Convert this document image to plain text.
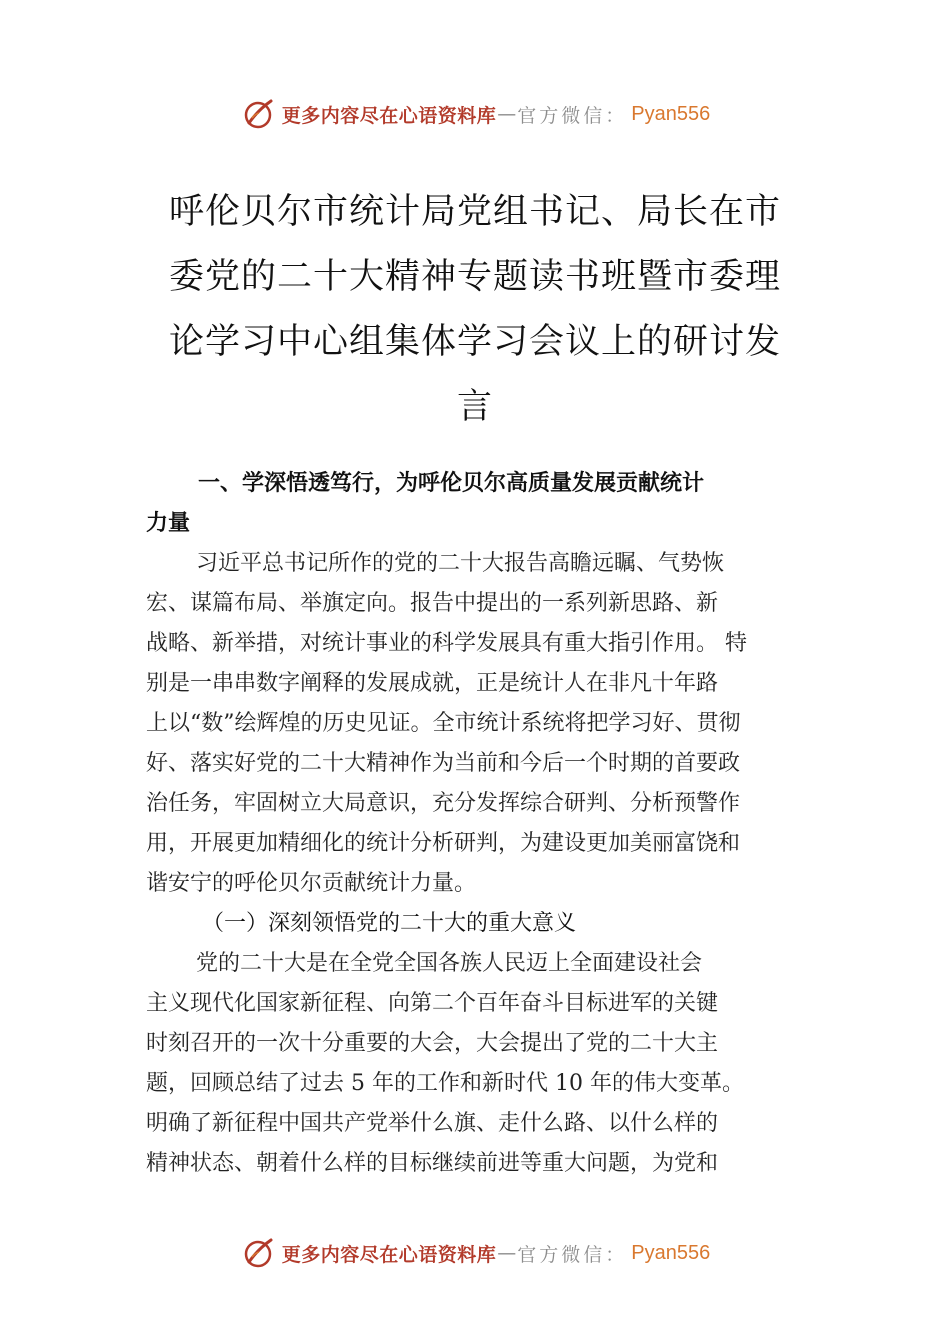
更多内容尽在心语资料库 — 官方微信： Pyan556
呼伦贝尔市统计局党组书记、局长在市
委党的二十大精神专题读书班暨市委理
论学习中心组集体学习会议上的研讨发
言
一、学深悟透笃行，为呼伦贝尔高质量发展贡献统计
力量
习近平总书记所作的党的二十大报告高瞻远瞩、气势恢
宏、谋篇布局、举旗定向。报告中提出的一系列新思路、新
战略、新举措，对统计事业的科学发展具有重大指引作用。 特
别是一串串数字阐释的发展成就，正是统计人在非凡十年路
上以“数”绘辉煌的历史见证。全市统计系统将把学习好、贯彻
好、落实好党的二十大精神作为当前和今后一个时期的首要政
治任务，牢固树立大局意识，充分发挥综合研判、分析预警作
用，开展更加精细化的统计分析研判，为建设更加美丽富饶和
谐安宁的呼伦贝尔贡献统计力量。
（一）深刻领悟党的二十大的重大意义
党的二十大是在全党全国各族人民迈上全面建设社会
主义现代化国家新征程、向第二个百年奋斗目标进军的关键
时刻召开的一次十分重要的大会，大会提出了党的二十大主
题，回顾总结了过去 5 年的工作和新时代 10 年的伟大变革。
明确了新征程中国共产党举什么旗、走什么路、以什么样的
精神状态、朝着什么样的目标继续前进等重大问题，为党和
更多内容尽在心语资料库 — 官方微信： Pyan556
